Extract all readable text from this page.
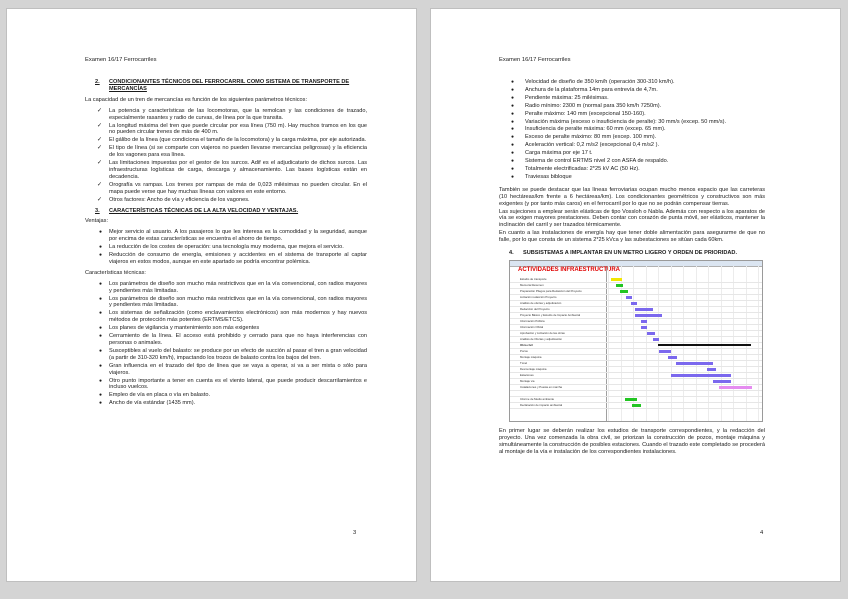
Examen 16/17 Ferrocarriles
2.	CONDICIONANTES TÉCNICOS DEL FERROCARRIL COMO SISTEMA DE TRANSPORTE DE MERCANCÍAS

La capacidad de un tren de mercancías es función de los siguientes parámetros técnicos:

✓ La potencia y características de las locomotoras, que la remolcan y las condiciones de trazado, especialmente rasantes y radio de curvas, de línea por la que transita.
✓ La longitud máxima del tren que puede circular por esa línea (750 m). Hay muchos tramos en los que no pueden circular trenes de más de 400 m.
✓ El gálibo de la línea (que condiciona el tamaño de la locomotora) y la carga máxima, por eje autorizada.
✓ El tipo de línea (si se comparte con viajeros no pueden llevarse mercancías peligrosas) y la eficiencia de los vagones para esa línea.
✓ Las limitaciones impuestas por el gestor de los surcos. Adif es el adjudicatario de dichos surcos. Las infraestructuras logísticas de carga, descarga y almacenamiento. Las bases logísticas están en decadencia.
✓ Orografía vs rampas. Los trenes por rampas de más de 0,023 milésimas no pueden circular. En el mapa puede verse que hay muchas líneas con valores en este entorno.
✓ Otros factores: Ancho de vía y eficiencia de los vagones.
3.	CARACTERÍSTICAS TÉCNICAS DE LA ALTA VELOCIDAD Y VENTAJAS.

Ventajas:

● Mejor servicio al usuario. A los pasajeros lo que les interesa es la comodidad y la seguridad, aunque por encima de estas características se encuentra el ahorro de tiempo.
● La reducción de los costes de operación: una tecnología muy moderna, que mejora el servicio.
● Reducción de consumo de energía, emisiones y accidentes en el sistema de transporte al captar viajeros en estos modos, aunque en este apartado se podría encontrar polémica.

Características técnicas:

● Los parámetros de diseño son mucho más restrictivos que en la vía convencional, con radios mayores y pendientes más limitadas.
● Los parámetros de diseño son mucho más restrictivos que en la vía convencional, con radios mayores y pendientes más limitadas.
● Los sistemas de señalización (como enclavamientos electrónicos) son más modernos y hay nuevos métodos de protección más potentes (ERTMS/ETCS).
● Los planes de vigilancia y mantenimiento son más exigentes
● Cerramiento de la línea. El acceso está prohibido y cerrado para que no haya interferencias con personas o animales.
● Susceptibles al vuelo del balasto: se produce por un efecto de succión al pasar el tren a gran velocidad (a partir de 310-320 km/h), impactando los trozos de balasto contra los bajos del tren.
● Gran influencia en el trazado del tipo de línea que se vaya a operar, si va a ser mixta o sólo para viajeros.
● Otro punto importante a tener en cuenta es el viento lateral, que puede producir descarrilamientos e incluso vuelcos.
● Empleo de vía en placa o vía en balasto.
● Ancho de vía estándar (1435 mm).
3
Examen 16/17 Ferrocarriles
● Velocidad de diseño de 350 km/h (operación 300-310 km/h).
● Anchura de la plataforma 14m para entrevía de 4,7m.
● Pendiente máxima: 25 milésimas.
● Radio mínimo: 2300 m (normal para 350 km/h 7250m).
● Peralte máximo: 140 mm (excepcional 150-160).
● Variación máxima (exceso o insuficiencia de peralte): 30 mm/s (excep. 50 mm/s).
● Insuficiencia de peralte máxima: 60 mm (excep. 65 mm).
● Exceso de peralte máximo: 80 mm (excep. 100 mm).
● Aceleración vertical: 0,2 m/s2 (excepcional 0,4 m/s2 ).
● Carga máxima por eje 17 t.
● Sistema de control ERTMS nivel 2 con ASFA de respaldo.
● Totalmente electrificadas: 2*25 kV AC (50 Hz).
● Traviesas bibloque

También se puede destacar que las líneas ferroviarias ocupan mucho menos espacio que las carreteras (10 hectáreas/km frente a 6 hectáreas/km). Los condicionantes geométricos y constructivos son más exigentes (y por tanto más caros) en el ferrocarril por lo que no se podrán compensar tierras.

Las sujeciones a emplear serán elásticas de tipo Vossloh o Nabla. Además con respecto a los aparatos de vía se exigen mayores prestaciones. Deben contar con corazón de punta móvil, ser elásticos, mantener la inclinación del carril y ser trazados térmicamente.

En cuanto a las instalaciones de energía hay que tener doble alimentación para asegurarme de que no falle, por lo que consta de un sistema 2*25 kVca y las subestaciones se sitúan cada 60km.

4.	SUBSISTEMAS A IMPLANTAR EN UN METRO LIGERO Y ORDEN DE PRIORIDAD.
ACTIVIDADES INFRAESTRUCTURA
Estudio de transporte
Memoria Resumen
Preparación Pliegos para Redacción del Proyecto
Licitación redacción Proyecto
Análisis de ofertas y adjudicación
Redacción del Proyecto
Proyecto Básico y Estudio de Impacto Ambiental
Información Pública
Información Oficial
Aprobación y Licitación de las obras
Análisis de Ofertas y adjudicación
Obra civil
Pozos
Montaje máquina
Túnel
Desmontaje máquina
Estaciones
Montaje vía
Instalaciones y Puesta en marcha
Informe de Medio ambiente
Declaración de impacto ambiental

En primer lugar se deberán realizar los estudios de transporte correspondientes, y la redacción del proyecto. Una vez comenzada la obra civil, se priorizan la construcción de pozos, montaje máquina y simultáneamente la construcción de posibles estaciones. Cuando el trazado este completado se procederá al montaje de la vía e instalación de los correspondientes instalaciones.

4
